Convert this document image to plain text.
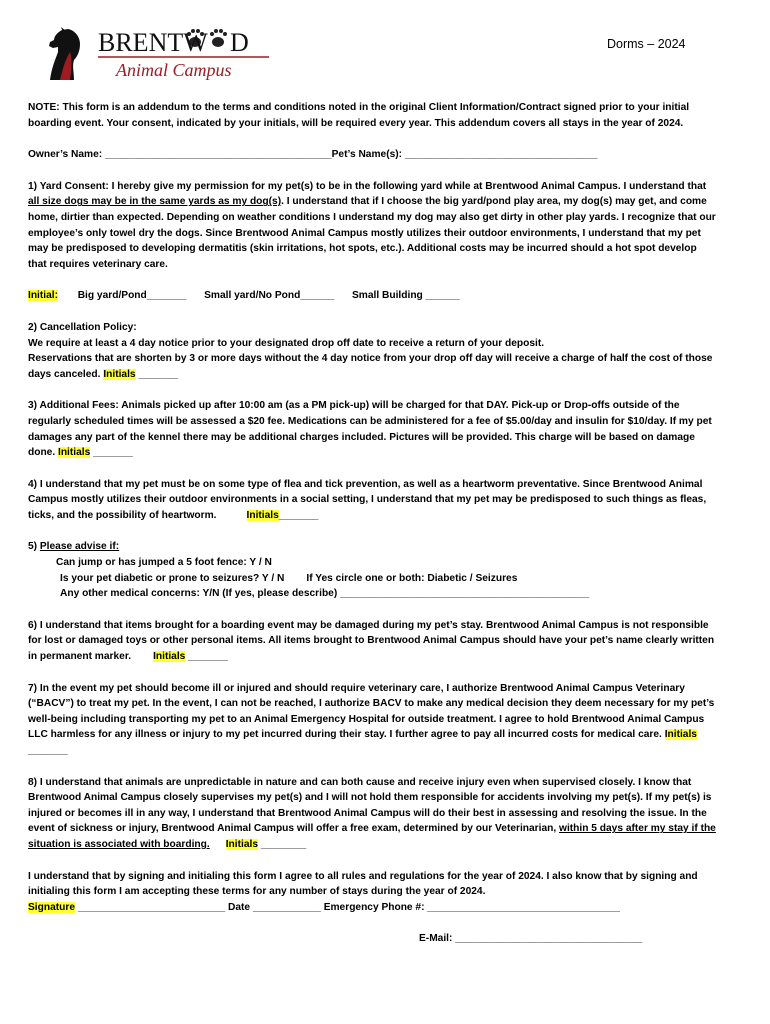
BRENTW D
Animal Campus
Dorms – 2024

NOTE: This form is an addendum to the terms and conditions noted in the original Client Information/Contract signed prior to your initial boarding event. Your consent, indicated by your initials, will be required every year. This addendum covers all stays in the year of 2024.

Owner’s Name: ________________________________________Pet’s Name(s): __________________________________

1) Yard Consent: I hereby give my permission for my pet(s) to be in the following yard while at Brentwood Animal Campus. I understand that all size dogs may be in the same yards as my dog(s). I understand that if I choose the big yard/pond play area, my dog(s) may get, and come home, dirtier than expected. Depending on weather conditions I understand my dog may also get dirty in other play yards. I recognize that our employee’s only towel dry the dogs. Since Brentwood Animal Campus mostly utilizes their outdoor environments, I understand that my pet may be predisposed to developing dermatitis (skin irritations, hot spots, etc.). Additional costs may be incurred should a hot spot develop that requires veterinary care.

Initial: Big yard/Pond_______ Small yard/No Pond______ Small Building ______

2) Cancellation Policy:
We require at least a 4 day notice prior to your designated drop off date to receive a return of your deposit.
Reservations that are shorten by 3 or more days without the 4 day notice from your drop off day will receive a charge of half the cost of those days canceled. Initials _______

3) Additional Fees: Animals picked up after 10:00 am (as a PM pick-up) will be charged for that DAY. Pick-up or Drop-offs outside of the regularly scheduled times will be assessed a $20 fee. Medications can be administered for a fee of $5.00/day and insulin for $10/day. If my pet damages any part of the kennel there may be additional charges included. Pictures will be provided. This charge will be based on damage done. Initials _______

4) I understand that my pet must be on some type of flea and tick prevention, as well as a heartworm preventative. Since Brentwood Animal Campus mostly utilizes their outdoor environments in a social setting, I understand that my pet may be predisposed to such things as fleas, ticks, and the possibility of heartworm.	Initials_______

5) Please advise if:
Can jump or has jumped a 5 foot fence: Y / N
Is your pet diabetic or prone to seizures? Y / N If Yes circle one or both: Diabetic / Seizures
Any other medical concerns: Y/N (If yes, please describe) ____________________________________________

6) I understand that items brought for a boarding event may be damaged during my pet’s stay. Brentwood Animal Campus is not responsible for lost or damaged toys or other personal items. All items brought to Brentwood Animal Campus should have your pet’s name clearly written in permanent marker. Initials _______

7) In the event my pet should become ill or injured and should require veterinary care, I authorize Brentwood Animal Campus Veterinary (“BACV”) to treat my pet. In the event, I can not be reached, I authorize BACV to make any medical decision they deem necessary for my pet’s well-being including transporting my pet to an Animal Emergency Hospital for outside treatment. I agree to hold Brentwood Animal Campus LLC harmless for any illness or injury to my pet incurred during their stay. I further agree to pay all incurred costs for medical care. Initials _______

8) I understand that animals are unpredictable in nature and can both cause and receive injury even when supervised closely. I know that Brentwood Animal Campus closely supervises my pet(s) and I will not hold them responsible for accidents involving my pet(s). If my pet(s) is injured or becomes ill in any way, I understand that Brentwood Animal Campus will do their best in assessing and resolving the issue. In the event of sickness or injury, Brentwood Animal Campus will offer a free exam, determined by our Veterinarian, within 5 days after my stay if the situation is associated with boarding. Initials ________

I understand that by signing and initialing this form I agree to all rules and regulations for the year of 2024. I also know that by signing and initialing this form I am accepting these terms for any number of stays during the year of 2024.
Signature __________________________ Date ____________ Emergency Phone #: __________________________________

E-Mail: _________________________________
